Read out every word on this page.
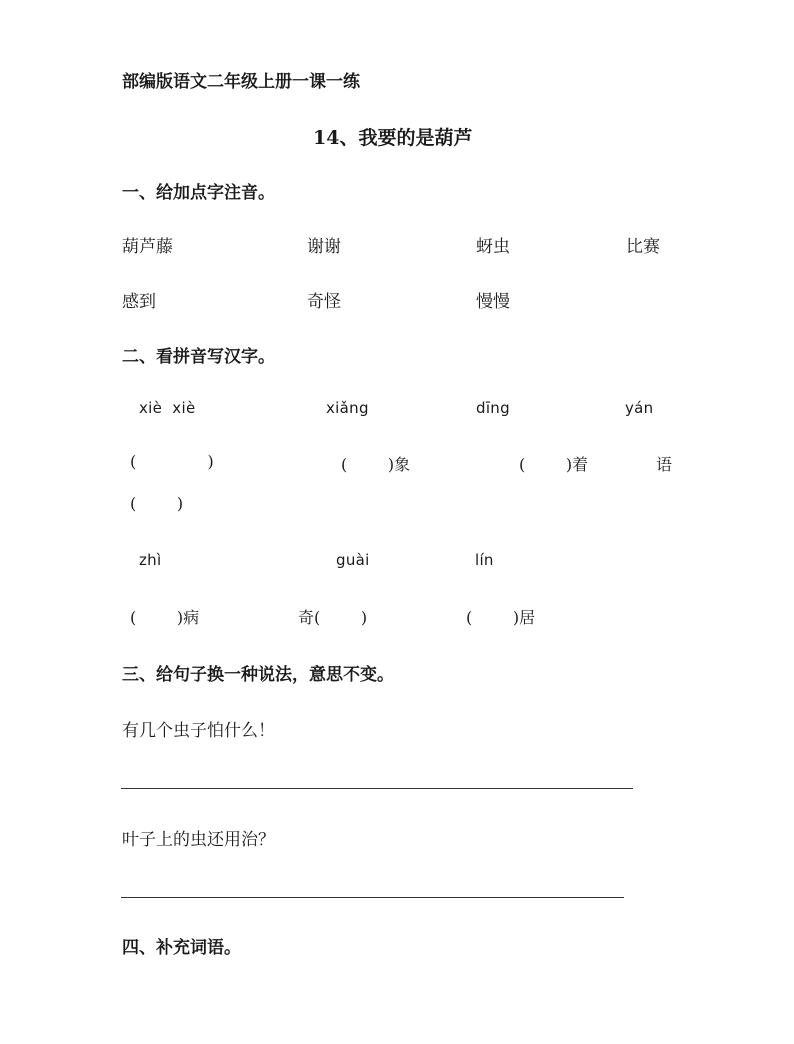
部编版语文二年级上册一课一练
14、我要的是葫芦
一、给加点字注音。
葫芦藤	谢谢	蚜虫	比赛
感到	奇怪	慢慢
二、看拼音写汉字。
xiè  xiè	xiǎng	dīng	yán
(              )	(        )象	(        )着	语
(        )
zhì	guài	lín
(        )病	奇(        )	(        )居
三、给句子换一种说法，意思不变。
有几个虫子怕什么！
叶子上的虫还用治？
四、补充词语。
